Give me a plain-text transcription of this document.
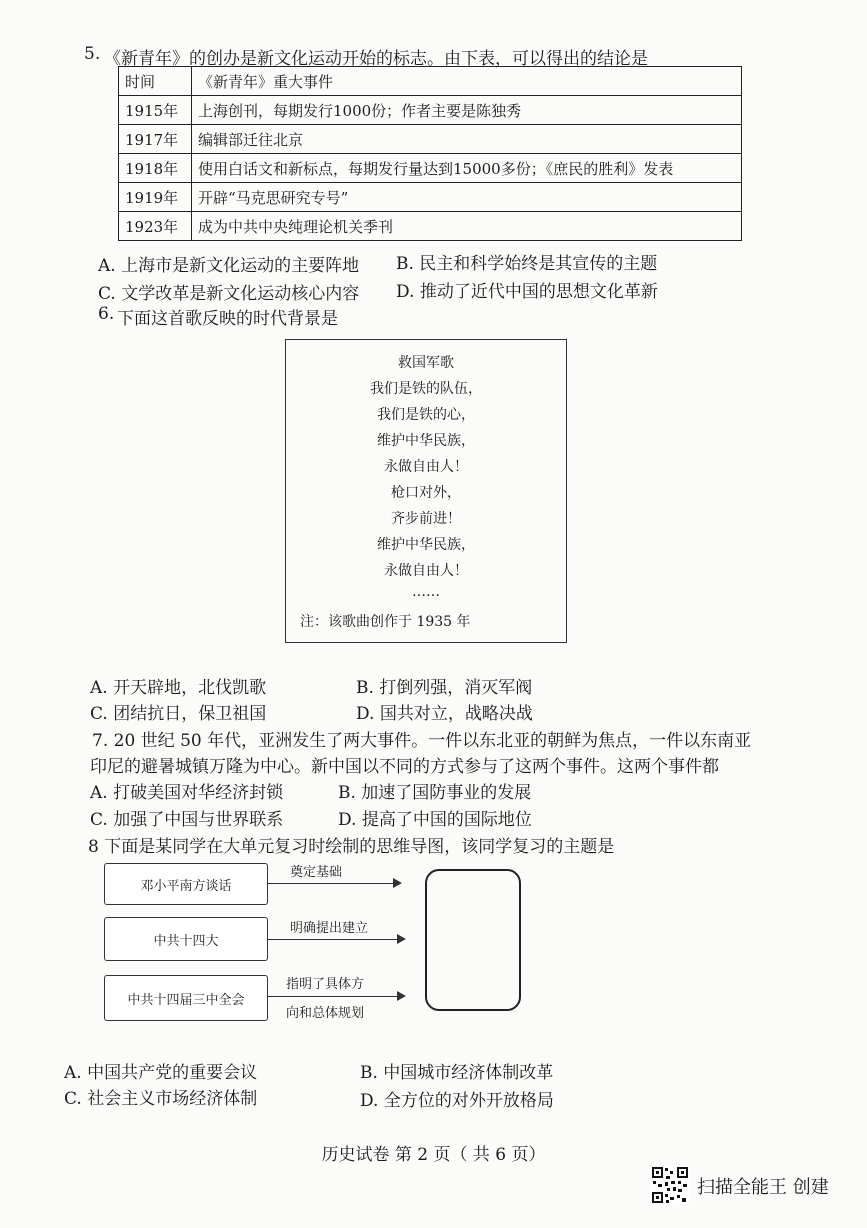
5. 《新青年》的创办是新文化运动开始的标志。由下表，可以得出的结论是
时间	《新青年》重大事件
1915年	上海创刊，每期发行1000份；作者主要是陈独秀
1917年	编辑部迁往北京
1918年	使用白话文和新标点，每期发行量达到15000多份；《庶民的胜利》发表
1919年	开辟“马克思研究专号”
1923年	成为中共中央纯理论机关季刊
A. 上海市是新文化运动的主要阵地 B. 民主和科学始终是其宣传的主题
C. 文学改革是新文化运动核心内容 D. 推动了近代中国的思想文化革新
6. 下面这首歌反映的时代背景是
救国军歌
我们是铁的队伍，
我们是铁的心，
维护中华民族，
永做自由人！
枪口对外，
齐步前进！
维护中华民族，
永做自由人！
……
注：该歌曲创作于 1935 年
A. 开天辟地，北伐凯歌	B. 打倒列强，消灭军阀
C. 团结抗日，保卫祖国	D. 国共对立，战略决战
7. 20 世纪 50 年代，亚洲发生了两大事件。一件以东北亚的朝鲜为焦点，一件以东南亚
印尼的避暑城镇万隆为中心。新中国以不同的方式参与了这两个事件。这两个事件都
A. 打破美国对华经济封锁	B. 加速了国防事业的发展
C. 加强了中国与世界联系	D. 提高了中国的国际地位
8 下面是某同学在大单元复习时绘制的思维导图，该同学复习的主题是
邓小平南方谈话
中共十四大
中共十四届三中全会
奠定基础
明确提出建立
指明了具体方
向和总体规划
A. 中国共产党的重要会议	B. 中国城市经济体制改革
C. 社会主义市场经济体制	D. 全方位的对外开放格局
历史试卷 第 2 页（ 共 6 页）
扫描全能王 创建
